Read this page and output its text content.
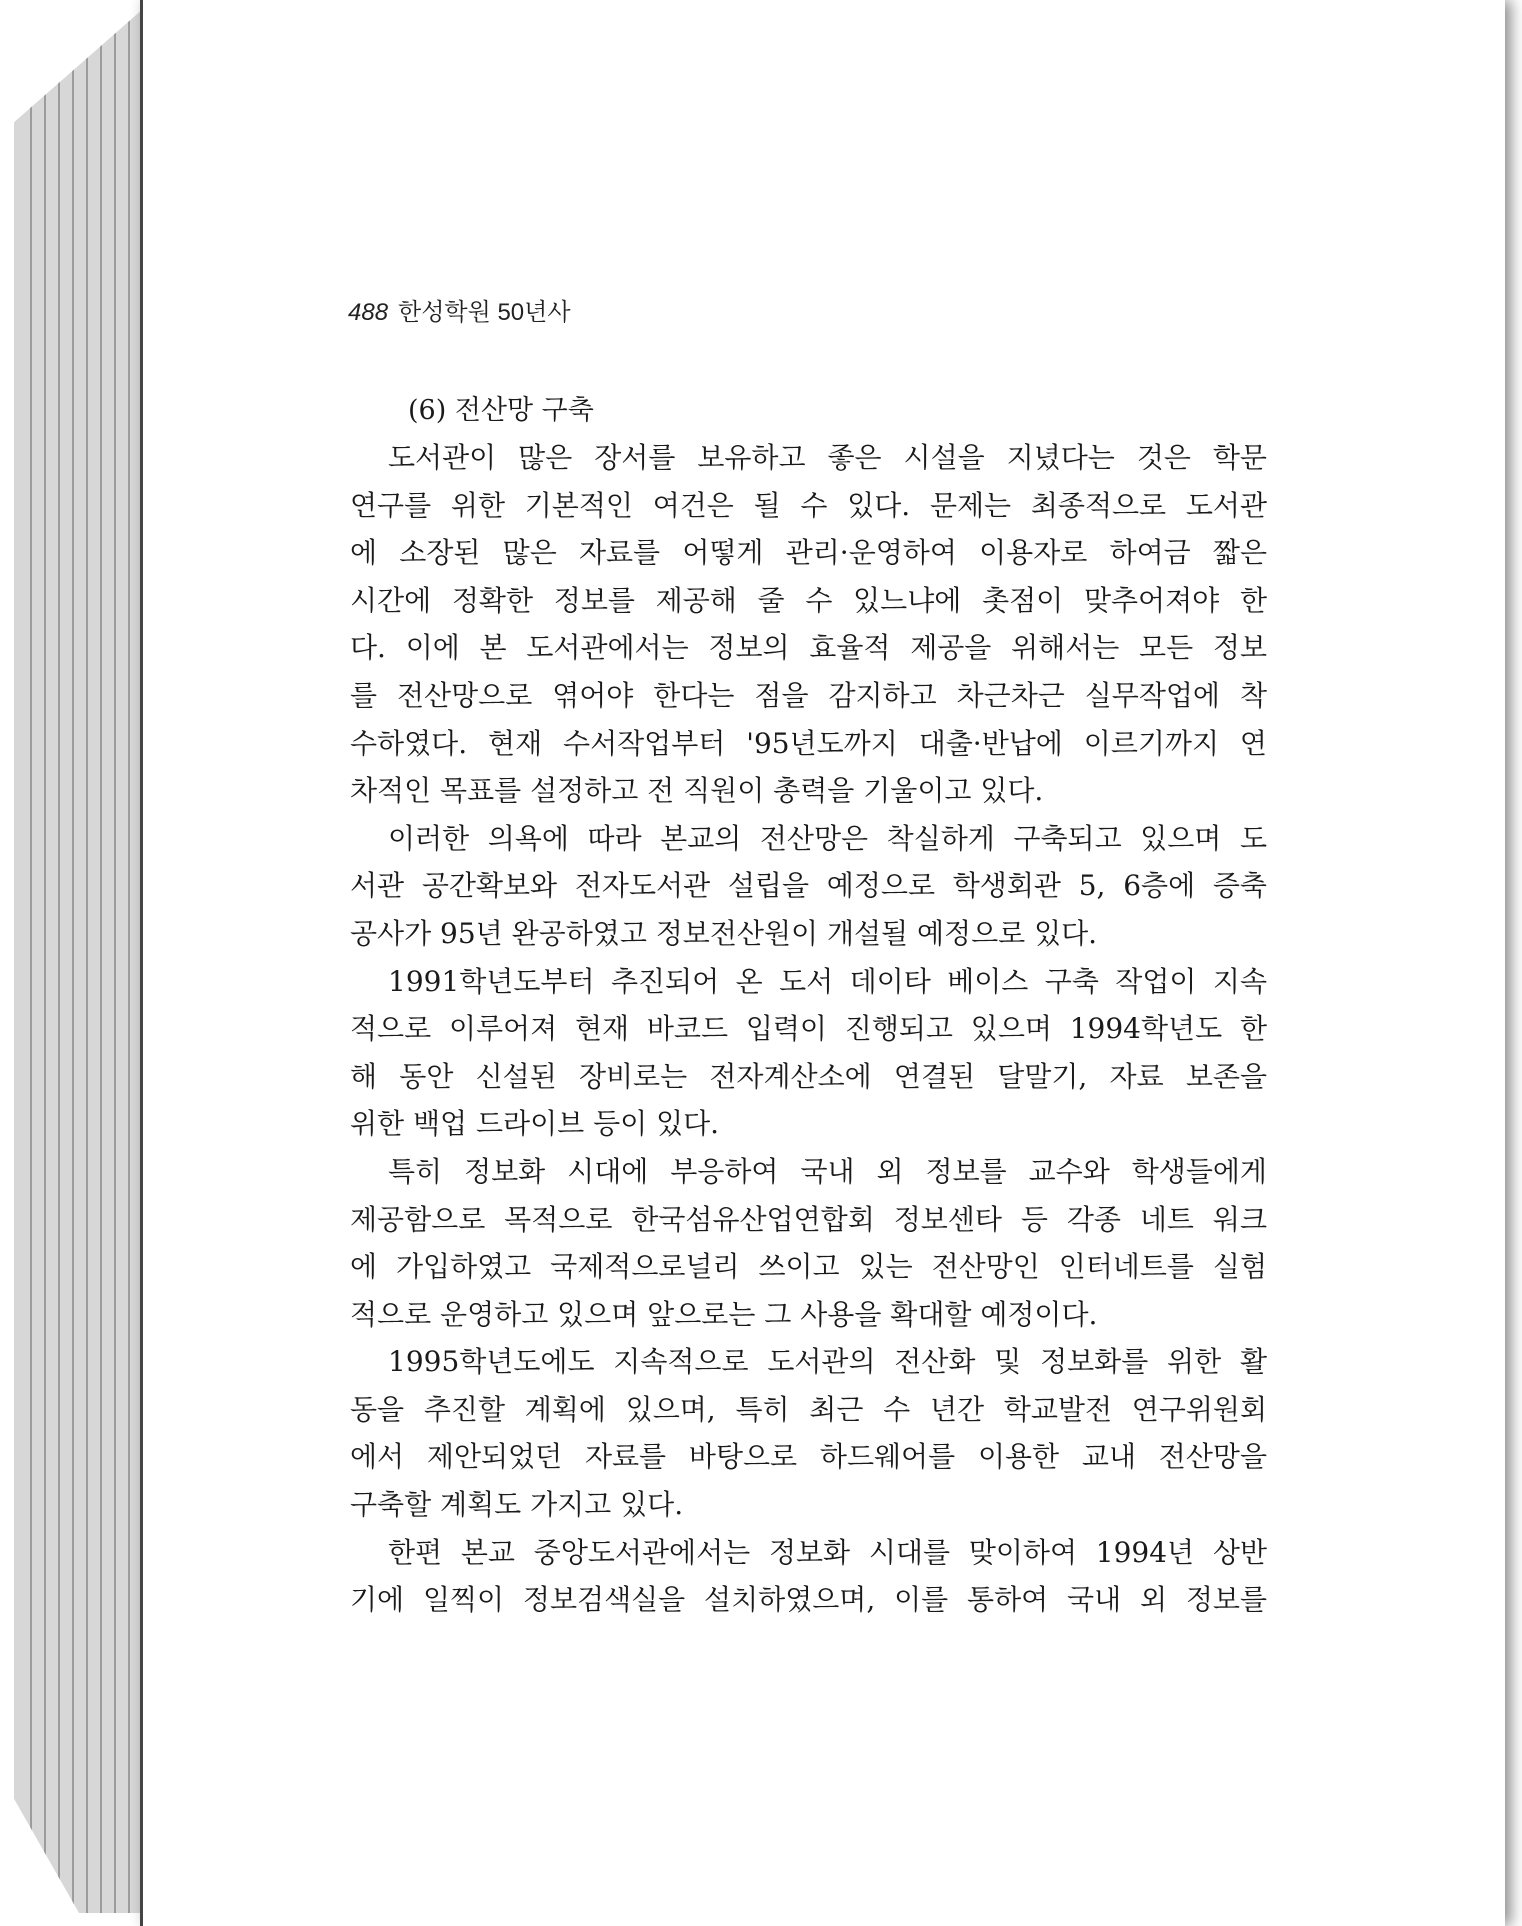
488 한성학원 50년사
(6) 전산망 구축
도서관이 많은 장서를 보유하고 좋은 시설을 지녔다는 것은 학문
연구를 위한 기본적인 여건은 될 수 있다. 문제는 최종적으로 도서관
에 소장된 많은 자료를 어떻게 관리·운영하여 이용자로 하여금 짧은
시간에 정확한 정보를 제공해 줄 수 있느냐에 촛점이 맞추어져야 한
다. 이에 본 도서관에서는 정보의 효율적 제공을 위해서는 모든 정보
를 전산망으로 엮어야 한다는 점을 감지하고 차근차근 실무작업에 착
수하였다. 현재 수서작업부터 '95년도까지 대출·반납에 이르기까지 연
차적인 목표를 설정하고 전 직원이 총력을 기울이고 있다.
이러한 의욕에 따라 본교의 전산망은 착실하게 구축되고 있으며 도
서관 공간확보와 전자도서관 설립을 예정으로 학생회관 5, 6층에 증축
공사가 95년 완공하였고 정보전산원이 개설될 예정으로 있다.
1991학년도부터 추진되어 온 도서 데이타 베이스 구축 작업이 지속
적으로 이루어져 현재 바코드 입력이 진행되고 있으며 1994학년도 한
해 동안 신설된 장비로는 전자계산소에 연결된 달말기, 자료 보존을
위한 백업 드라이브 등이 있다.
특히 정보화 시대에 부응하여 국내 외 정보를 교수와 학생들에게
제공함으로 목적으로 한국섬유산업연합회 정보센타 등 각종 네트 워크
에 가입하였고 국제적으로널리 쓰이고 있는 전산망인 인터네트를 실험
적으로 운영하고 있으며 앞으로는 그 사용을 확대할 예정이다.
1995학년도에도 지속적으로 도서관의 전산화 및 정보화를 위한 활
동을 추진할 계획에 있으며, 특히 최근 수 년간 학교발전 연구위원회
에서 제안되었던 자료를 바탕으로 하드웨어를 이용한 교내 전산망을
구축할 계획도 가지고 있다.
한편 본교 중앙도서관에서는 정보화 시대를 맞이하여 1994년 상반
기에 일찍이 정보검색실을 설치하였으며, 이를 통하여 국내 외 정보를
